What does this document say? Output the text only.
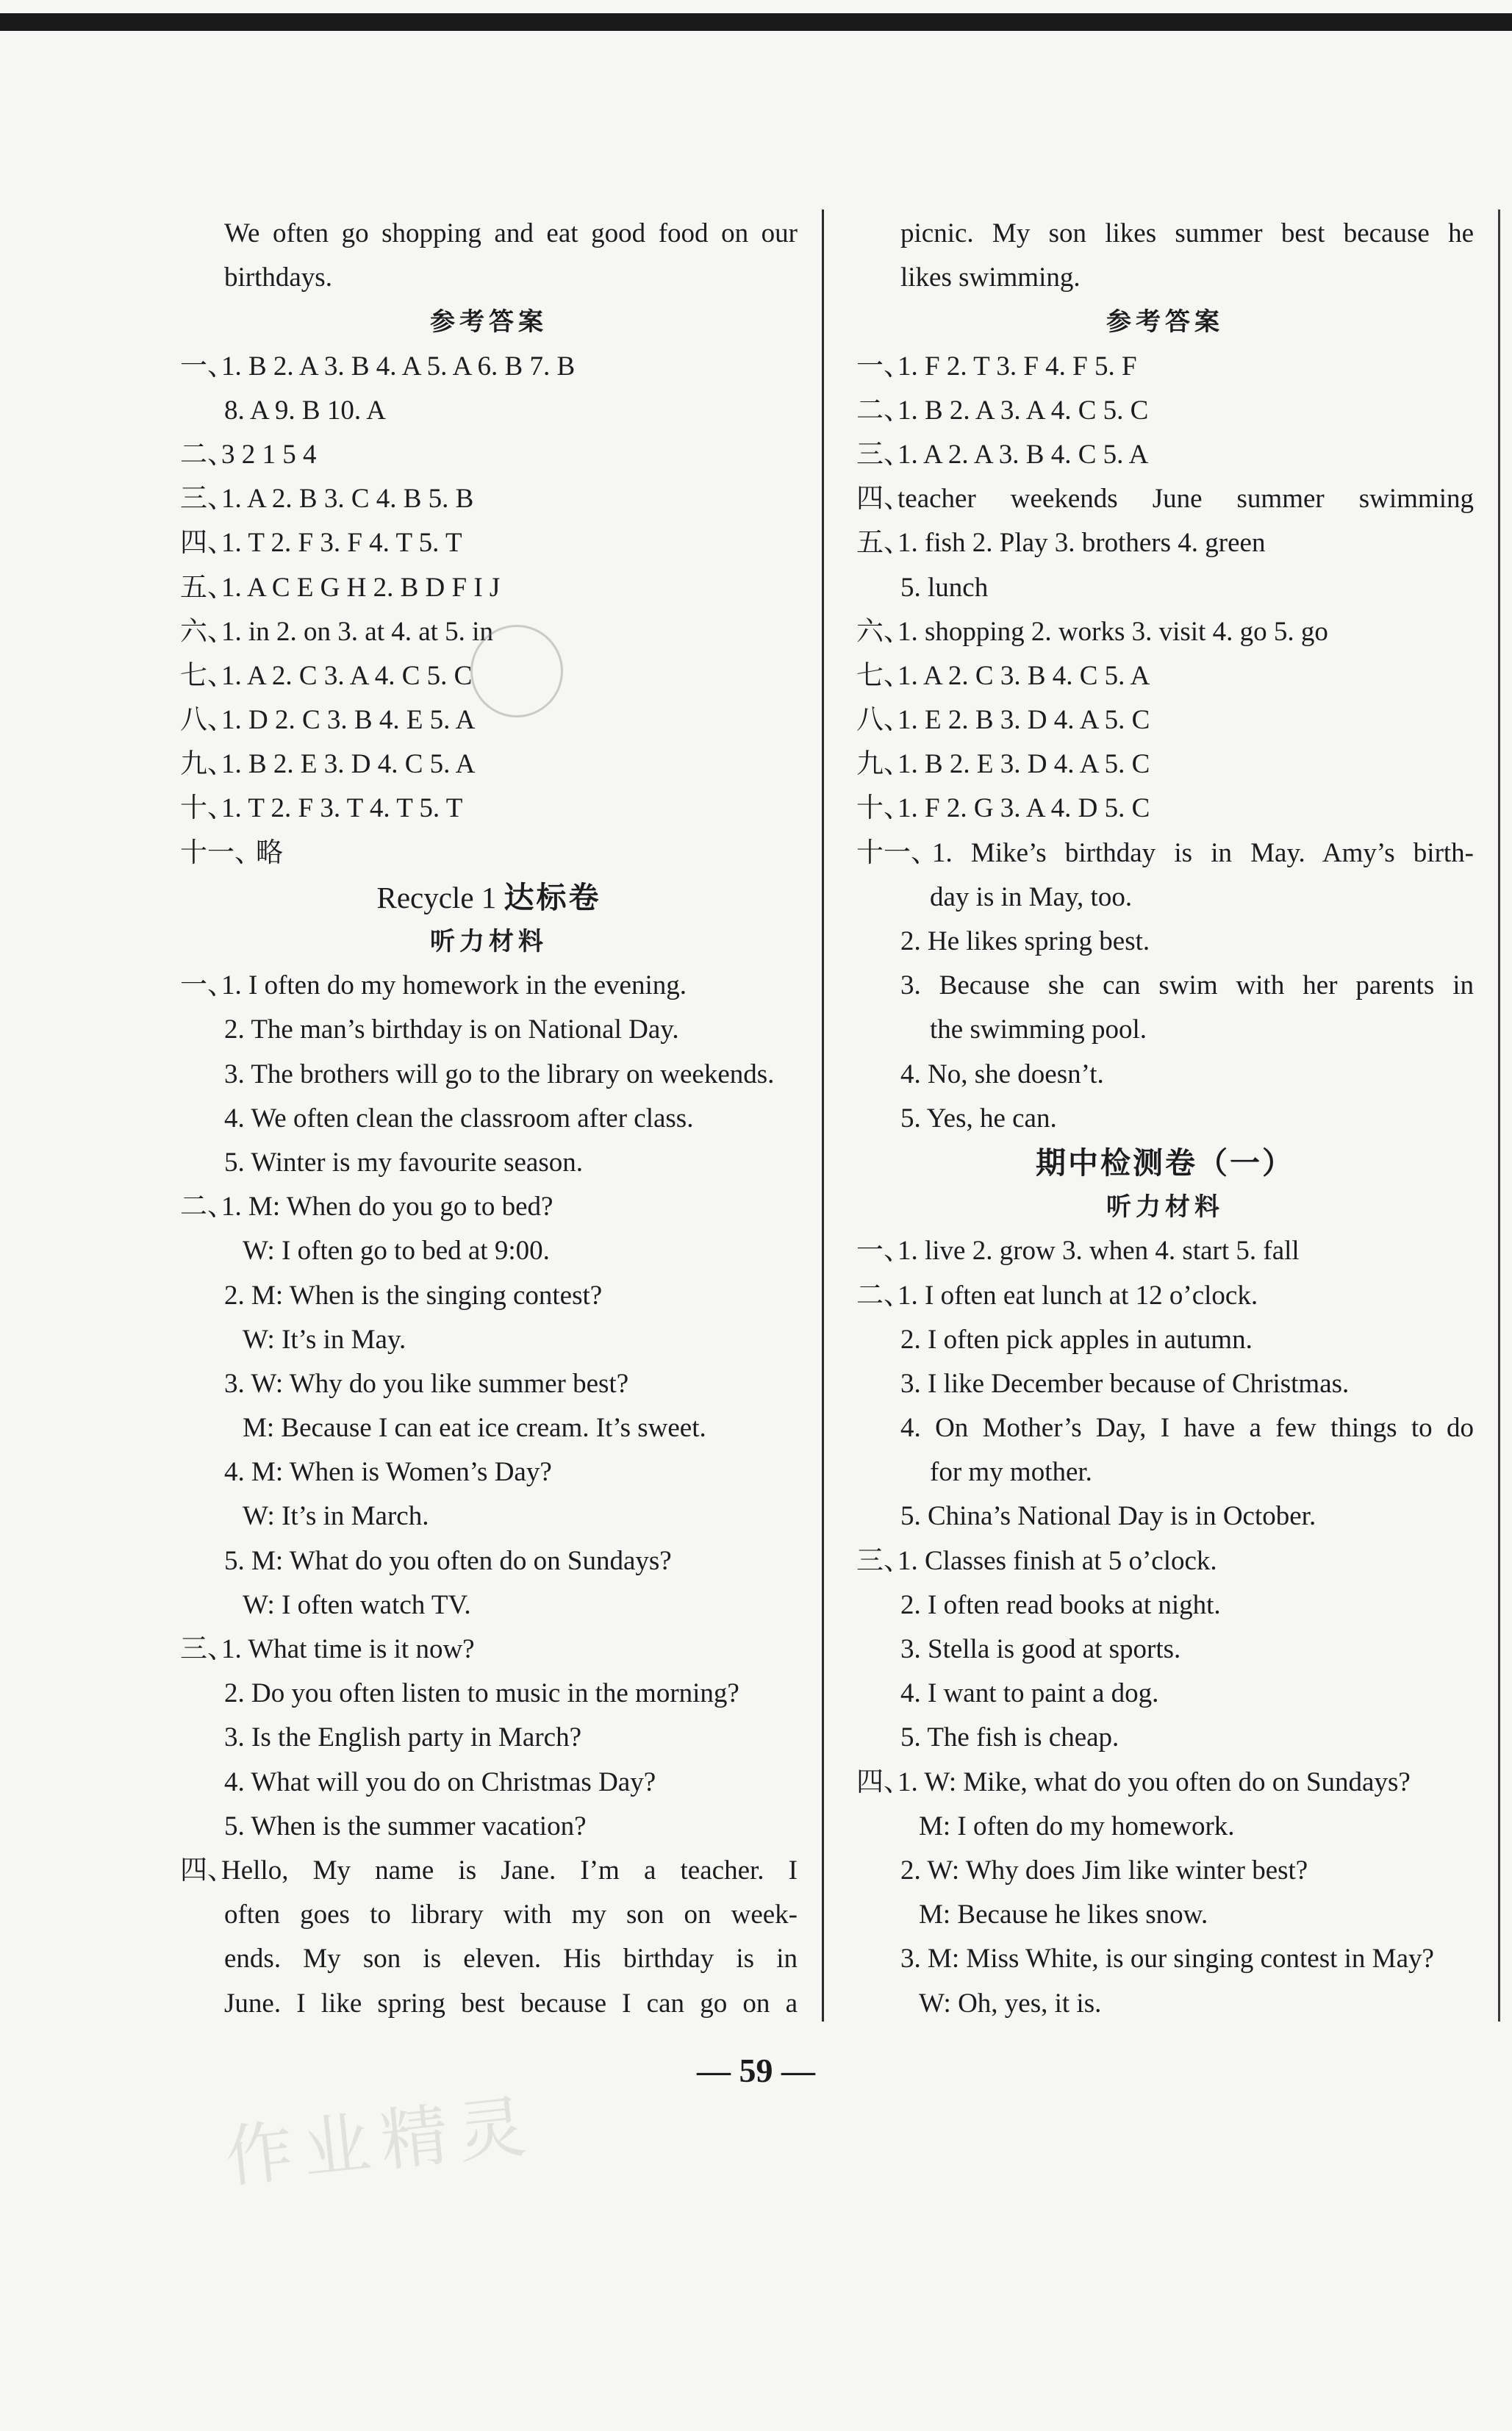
We often go shopping and eat good food on our
birthdays.
参考答案
一、
1. B 2. A 3. B 4. A 5. A 6. B 7. B
8. A 9. B 10. A
二、
3 2 1 5 4
三、
1. A 2. B 3. C 4. B 5. B
四、
1. T 2. F 3. F 4. T 5. T
五、
1. A C E G H 2. B D F I J
六、
1. in 2. on 3. at 4. at 5. in
七、
1. A 2. C 3. A 4. C 5. C
八、
1. D 2. C 3. B 4. E 5. A
九、
1. B 2. E 3. D 4. C 5. A
十、
1. T 2. F 3. T 4. T 5. T
十一、
略
Recycle 1 达标卷
听力材料
一、
1. I often do my homework in the evening.
2. The man’s birthday is on National Day.
3. The brothers will go to the library on weekends.
4. We often clean the classroom after class.
5. Winter is my favourite season.
二、
1. M: When do you go to bed?
W: I often go to bed at 9:00.
2. M: When is the singing contest?
W: It’s in May.
3. W: Why do you like summer best?
M: Because I can eat ice cream. It’s sweet.
4. M: When is Women’s Day?
W: It’s in March.
5. M: What do you often do on Sundays?
W: I often watch TV.
三、
1. What time is it now?
2. Do you often listen to music in the morning?
3. Is the English party in March?
4. What will you do on Christmas Day?
5. When is the summer vacation?
四、
Hello, My name is Jane. I’m a teacher. I
often goes to library with my son on week-
ends. My son is eleven. His birthday is in
June. I like spring best because I can go on a
picnic. My son likes summer best because he
likes swimming.
参考答案
一、
1. F 2. T 3. F 4. F 5. F
二、
1. B 2. A 3. A 4. C 5. C
三、
1. A 2. A 3. B 4. C 5. A
四、
teacher weekends June summer swimming
五、
1. fish 2. Play 3. brothers 4. green
5. lunch
六、
1. shopping 2. works 3. visit 4. go 5. go
七、
1. A 2. C 3. B 4. C 5. A
八、
1. E 2. B 3. D 4. A 5. C
九、
1. B 2. E 3. D 4. A 5. C
十、
1. F 2. G 3. A 4. D 5. C
十一、
1. Mike’s birthday is in May. Amy’s birth-
day is in May, too.
2. He likes spring best.
3. Because she can swim with her parents in
the swimming pool.
4. No, she doesn’t.
5. Yes, he can.
期中检测卷（一）
听力材料
一、
1. live 2. grow 3. when 4. start 5. fall
二、
1. I often eat lunch at 12 o’clock.
2. I often pick apples in autumn.
3. I like December because of Christmas.
4. On Mother’s Day, I have a few things to do
for my mother.
5. China’s National Day is in October.
三、
1. Classes finish at 5 o’clock.
2. I often read books at night.
3. Stella is good at sports.
4. I want to paint a dog.
5. The fish is cheap.
四、
1. W: Mike, what do you often do on Sundays?
M: I often do my homework.
2. W: Why does Jim like winter best?
M: Because he likes snow.
3. M: Miss White, is our singing contest in May?
W: Oh, yes, it is.
作业精灵
— 59 —
